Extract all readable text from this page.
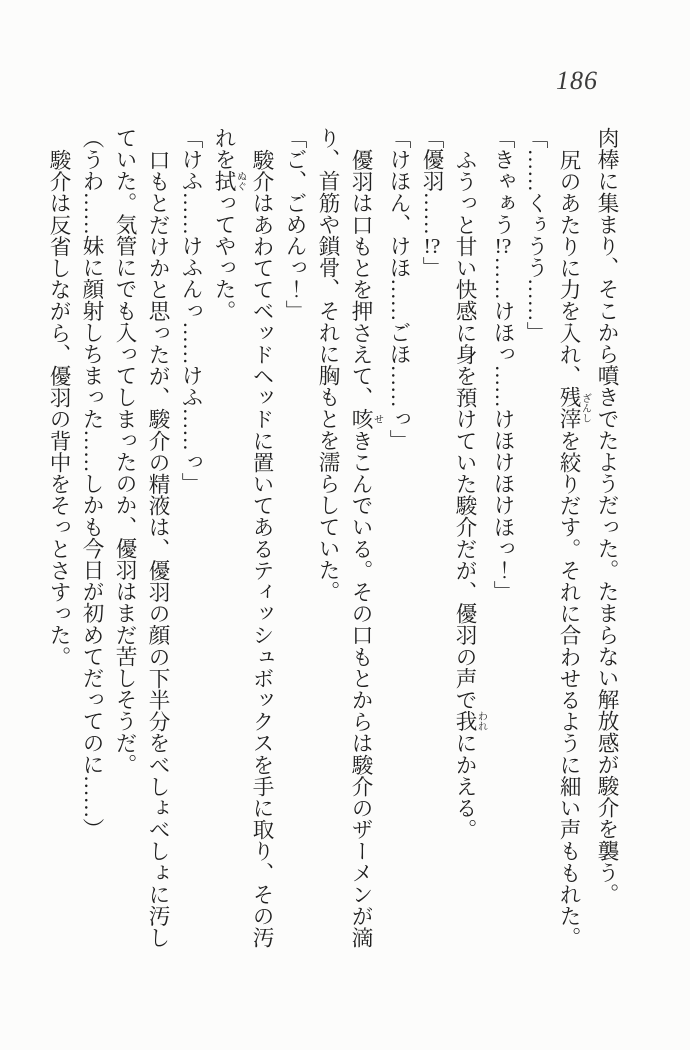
186

肉棒に集まり、そこから噴きでたようだった。たまらない解放感が駿介を襲う。

尻のあたりに力を入れ、残滓ざんしを絞りだす。それに合わせるように細い声ももれた。

「……くぅうう……」

「きゃぁう!?……けほっ……けほけほけほっ！」

ふうっと甘い快感に身を預けていた駿介だが、優羽の声で我われにかえる。

「優羽……!?」

「けほん、けほ……ごほ……っ」

優羽は口もとを押さえて、咳せきこんでいる。その口もとからは駿介のザーメンが滴

り、首筋や鎖骨、それに胸もとを濡らしていた。

「ご、ごめんっ！」

駿介はあわててベッドヘッドに置いてあるティッシュボックスを手に取り、その汚

れを拭ぬぐってやった。

「けふ……けふんっ……けふ……っ」

口もとだけかと思ったが、駿介の精液は、優羽の顔の下半分をべしょべしょに汚し

ていた。気管にでも入ってしまったのか、優羽はまだ苦しそうだ。

（うわ……妹に顔射しちまった……しかも今日が初めてだってのに……）

駿介は反省しながら、優羽の背中をそっとさすった。
